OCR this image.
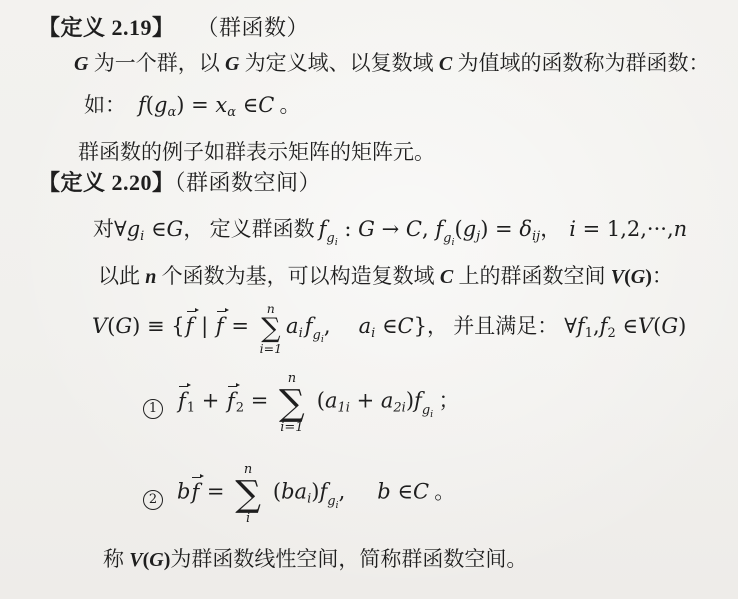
【定义 2.19】 （群函数）
G 为一个群，以 G 为定义域、以复数域 C 为值域的函数称为群函数：
如： $f(g_\alpha) = x_\alpha$ ∈C 。
群函数的例子如群表示矩阵的矩阵元。
【定义 2.20】（群函数空间）
对$\forall g_i$ ∈G， 定义群函数 $f_{g_i}$ : G → C, $f_{g_i}(g_j) = \delta_{ij}$， i = 1,2,···,n
以此 n 个函数为基，可以构造复数域 C 上的群函数空间 V(G)：
V(G) ≡ {f | f =
n
∑
i=1
$a_if_{g_i}$, $a_i$ ∈C}， 并且满足： $\forall f_1,f_2$ ∈V(G)
1 $f_1 + f_2$ =
n
∑
i=1
$(a_{1i} + a_{2i})f_{g_i}$ ；
2 bf =
n
∑
i
$(ba_i)f_{g_i}$, b ∈C 。
称 V(G)为群函数线性空间，简称群函数空间。
